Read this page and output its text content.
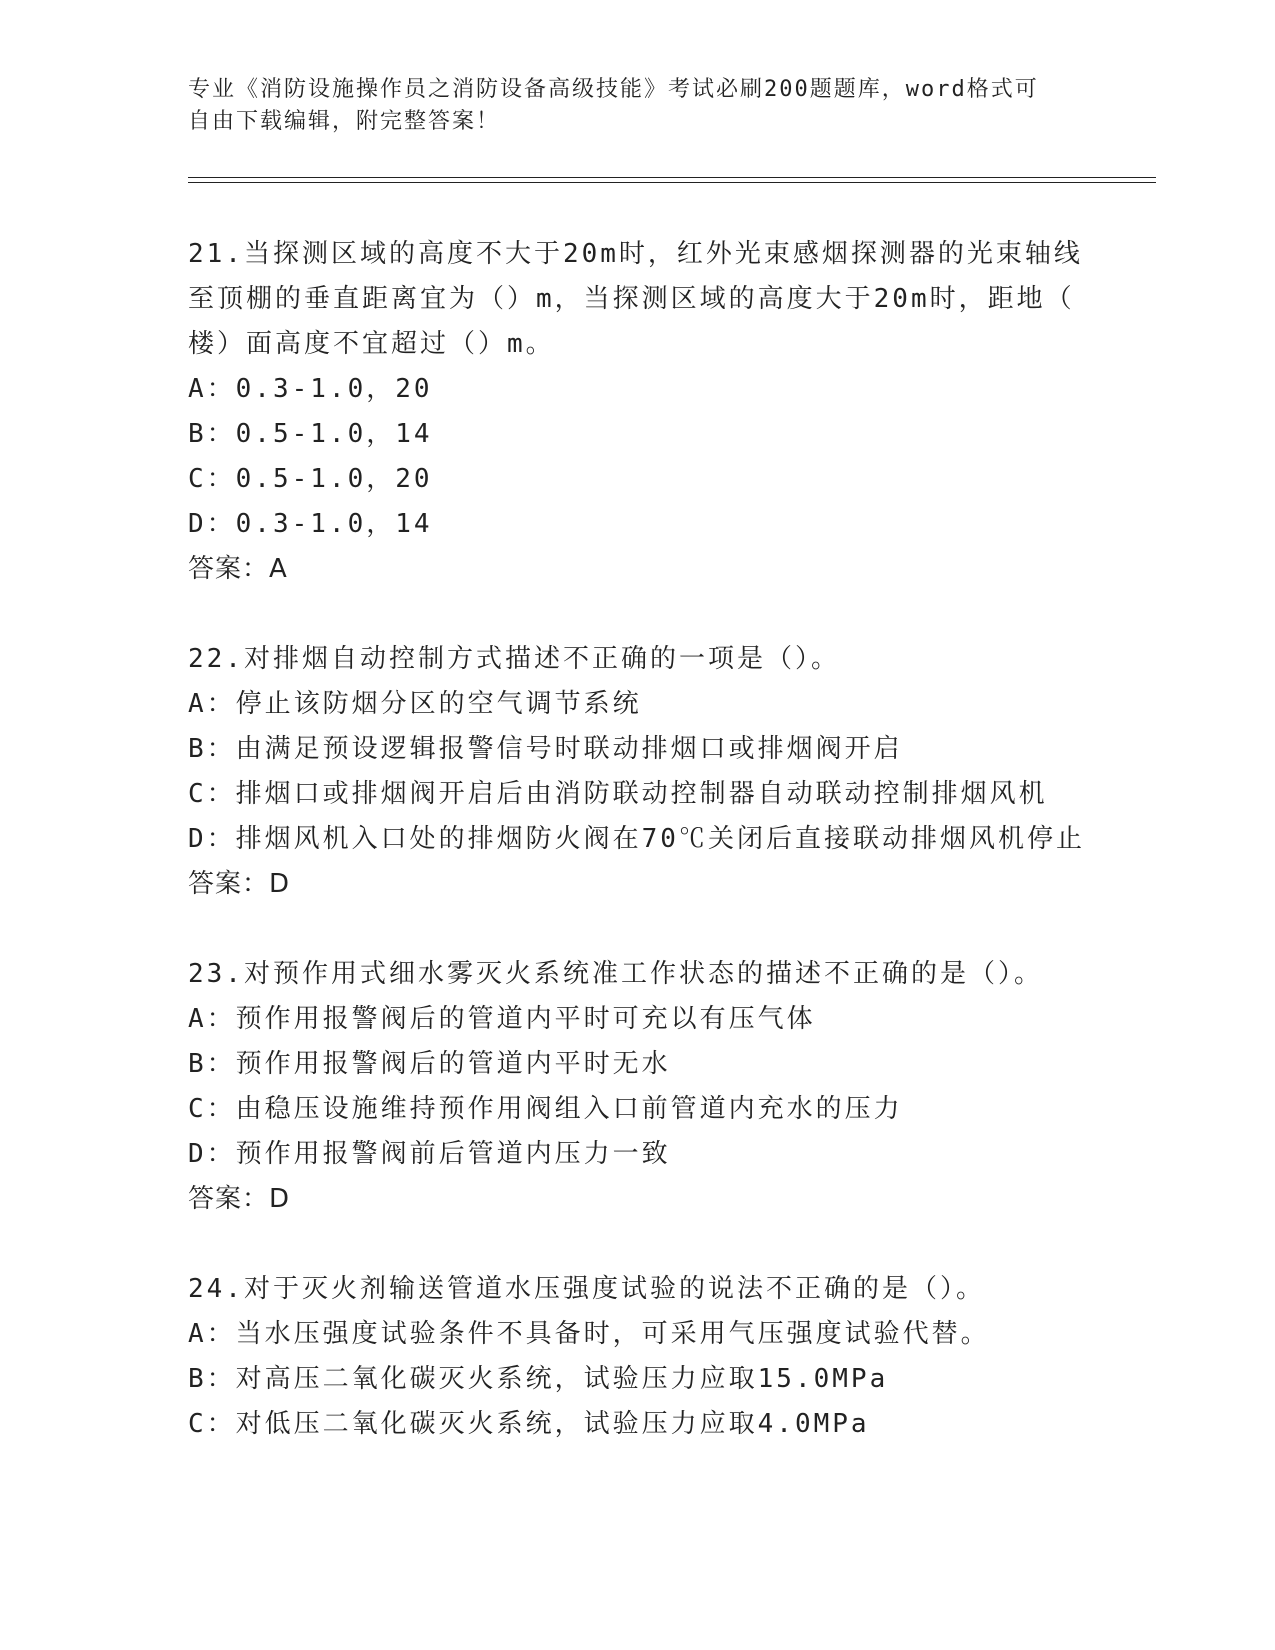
专业《消防设施操作员之消防设备高级技能》考试必刷200题题库，word格式可
自由下载编辑，附完整答案！
21.当探测区域的高度不大于20m时，红外光束感烟探测器的光束轴线
至顶棚的垂直距离宜为（）m，当探测区域的高度大于20m时，距地（
楼）面高度不宜超过（）m。
A：0.3-1.0，20
B：0.5-1.0，14
C：0.5-1.0，20
D：0.3-1.0，14
答案：A
22.对排烟自动控制方式描述不正确的一项是（）。
A：停止该防烟分区的空气调节系统
B：由满足预设逻辑报警信号时联动排烟口或排烟阀开启
C：排烟口或排烟阀开启后由消防联动控制器自动联动控制排烟风机
D：排烟风机入口处的排烟防火阀在70℃关闭后直接联动排烟风机停止
答案：D
23.对预作用式细水雾灭火系统准工作状态的描述不正确的是（）。
A：预作用报警阀后的管道内平时可充以有压气体
B：预作用报警阀后的管道内平时无水
C：由稳压设施维持预作用阀组入口前管道内充水的压力
D：预作用报警阀前后管道内压力一致
答案：D
24.对于灭火剂输送管道水压强度试验的说法不正确的是（）。
A：当水压强度试验条件不具备时，可采用气压强度试验代替。
B：对高压二氧化碳灭火系统，试验压力应取15.0MPa
C：对低压二氧化碳灭火系统，试验压力应取4.0MPa
